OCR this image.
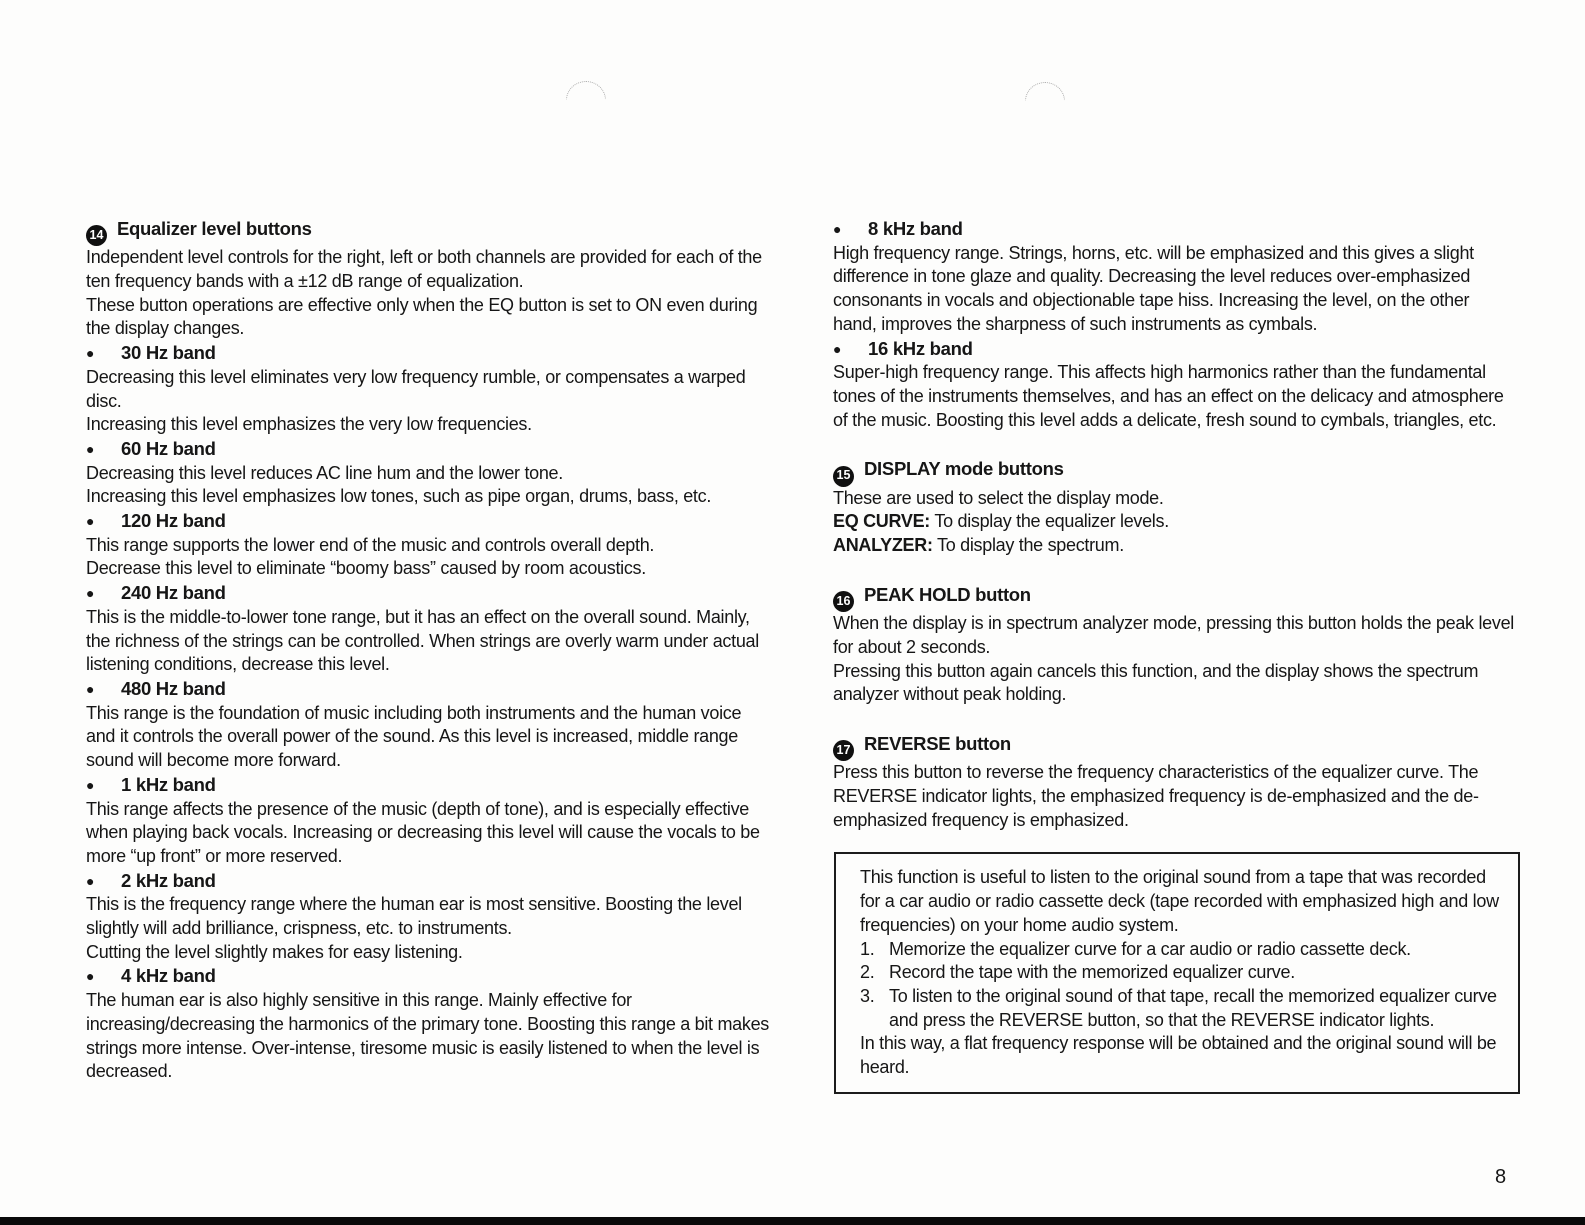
14 Equalizer level buttons

Independent level controls for the right, left or both channels are provided for each of the ten frequency bands with a ±12 dB range of equalization.

These button operations are effective only when the EQ button is set to ON even during the display changes.

● 30 Hz band

Decreasing this level eliminates very low frequency rumble, or compensates a warped disc.

Increasing this level emphasizes the very low frequencies.

● 60 Hz band

Decreasing this level reduces AC line hum and the lower tone.

Increasing this level emphasizes low tones, such as pipe organ, drums, bass, etc.

● 120 Hz band

This range supports the lower end of the music and controls overall depth.

Decrease this level to eliminate “boomy bass” caused by room acoustics.

● 240 Hz band

This is the middle-to-lower tone range, but it has an effect on the overall sound. Mainly, the richness of the strings can be controlled. When strings are overly warm under actual listening conditions, decrease this level.

● 480 Hz band

This range is the foundation of music including both instruments and the human voice and it controls the overall power of the sound. As this level is increased, middle range sound will become more forward.

● 1 kHz band

This range affects the presence of the music (depth of tone), and is especially effective when playing back vocals. Increasing or decreasing this level will cause the vocals to be more “up front” or more reserved.

● 2 kHz band

This is the frequency range where the human ear is most sensitive. Boosting the level slightly will add brilliance, crispness, etc. to instruments.

Cutting the level slightly makes for easy listening.

● 4 kHz band

The human ear is also highly sensitive in this range. Mainly effective for increasing/decreasing the harmonics of the primary tone. Boosting this range a bit makes strings more intense. Over-intense, tiresome music is easily listened to when the level is decreased.

● 8 kHz band

High frequency range. Strings, horns, etc. will be emphasized and this gives a slight difference in tone glaze and quality. Decreasing the level reduces over-emphasized consonants in vocals and objectionable tape hiss. Increasing the level, on the other hand, improves the sharpness of such instruments as cymbals.

● 16 kHz band

Super-high frequency range. This affects high harmonics rather than the fundamental tones of the instruments themselves, and has an effect on the delicacy and atmosphere of the music. Boosting this level adds a delicate, fresh sound to cymbals, triangles, etc.

15 DISPLAY mode buttons

These are used to select the display mode.

EQ CURVE: To display the equalizer levels.

ANALYZER: To display the spectrum.

16 PEAK HOLD button

When the display is in spectrum analyzer mode, pressing this button holds the peak level for about 2 seconds.

Pressing this button again cancels this function, and the display shows the spectrum analyzer without peak holding.

17 REVERSE button

Press this button to reverse the frequency characteristics of the equalizer curve. The REVERSE indicator lights, the emphasized frequency is de-emphasized and the de-emphasized frequency is emphasized.

This function is useful to listen to the original sound from a tape that was recorded for a car audio or radio cassette deck (tape recorded with emphasized high and low frequencies) on your home audio system.

1. Memorize the equalizer curve for a car audio or radio cassette deck.

2. Record the tape with the memorized equalizer curve.

3. To listen to the original sound of that tape, recall the memorized equalizer curve and press the REVERSE button, so that the REVERSE indicator lights.

In this way, a flat frequency response will be obtained and the original sound will be heard.

8
